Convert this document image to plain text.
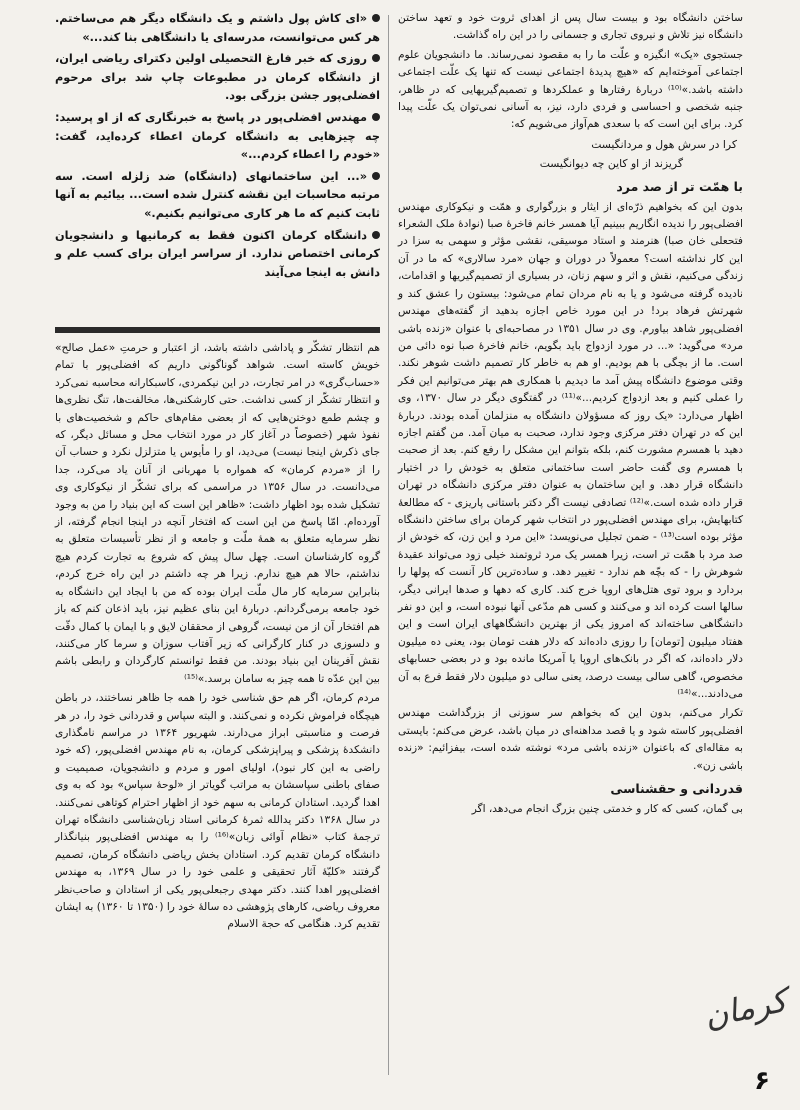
ساختن دانشگاه بود و بیست سال پس از اهدای ثروت خود و تعهد ساختن دانشگاه نیز تلاش و نیروی تجاری و جسمانی را در این راه گذاشت.

جستجوی «یک» انگیزه و علّت ما را به مقصود نمی‌رساند. ما دانشجویان علوم اجتماعی آموخته‌ایم که «هیچ پدیدهٔ اجتماعی نیست که تنها یک علّت اجتماعی داشته باشد.»⁽¹⁰⁾ دربارهٔ رفتارها و عملکردها و تصمیم‌گیریهایی که در ظاهر، جنبه شخصی و احساسی و فردی دارد، نیز، به آسانی نمی‌توان یک علّت پیدا کرد. برای این است که با سعدی هم‌آواز می‌شویم که:

کرا در سرش هول و مردانگیست

گریزند از او کاین چه دیوانگیست

با همّت تر از صد مرد

بدون این که بخواهیم ذرّه‌ای از ایثار و بزرگواری و همّت و نیکوکاری مهندس افضلی‌پور را ندیده انگاریم ببینیم آیا همسر خانم فاخرهٔ صبا (نوادهٔ ملک الشعراء فتحعلی خان صبا) هنرمند و استاد موسیقی، نقشی مؤثر و سهمی به سزا در این کار نداشته است؟ معمولاً در دوران و جهان «مرد سالاری» که ما در آن زندگی می‌کنیم، نقش و اثر و سهم زنان، در بسیاری از تصمیم‌گیریها و اقدامات، نادیده گرفته می‌شود و یا به نام مردان تمام می‌شود: بیستون را عشق کند و شهرتش فرهاد برد! در این مورد خاص اجازه بدهید از گفته‌های مهندس افضلی‌پور شاهد بیاورم. وی در سال ۱۳۵۱ در مصاحبه‌ای با عنوان «زنده باشی مرد» می‌گوید: «... در مورد ازدواج باید بگویم، خانم فاخرهٔ صبا نوه دائی من است. ما از بچگی با هم بودیم. او هم به خاطر کار تصمیم داشت شوهر نکند. وقتی موضوع دانشگاه پیش آمد ما دیدیم با همکاری هم بهتر می‌توانیم این فکر را عملی کنیم و بعد ازدواج کردیم...»⁽¹¹⁾ در گفتگوی دیگر در سال ۱۳۷۰، وی اظهار می‌دارد: «یک روز که مسؤولان دانشگاه به منزلمان آمده بودند. دربارهٔ این که در تهران دفتر مرکزی وجود ندارد، صحبت به میان آمد. من گفتم اجازه دهید با همسرم مشورت کنم، بلکه بتوانم این مشکل را رفع کنم. بعد از صحبت با همسرم وی گفت حاضر است ساختمانی متعلق به خودش را در اختیار دانشگاه قرار دهد. و این ساختمان به عنوان دفتر مرکزی دانشگاه در تهران قرار داده شده است.»⁽¹²⁾ تصادفی نیست اگر دکتر باستانی پاریزی - که مطالعهٔ کتابهایش، برای مهندس افضلی‌پور در انتخاب شهر کرمان برای ساختن دانشگاه مؤثر بوده است⁽¹³⁾ - ضمن تجلیل می‌نویسد: «این مرد و این زن، که خودش از صد مرد با همّت تر است، زیرا همسر یک مرد ثروتمند خیلی زود می‌تواند عقیدهٔ شوهرش را - که بچّه هم ندارد - تغییر دهد. و ساده‌ترین کار آنست که پولها را بردارد و برود توی هتل‌های اروپا خرج کند. کاری که دهها و صدها ایرانی دیگر، سالها است کرده اند و می‌کنند و کسی هم مدّعی آنها نبوده است، و این دو نفر دانشگاهی ساخته‌اند که امروز یکی از بهترین دانشگاههای ایران است و این هفتاد میلیون [تومان] را روزی داده‌اند که دلار هفت تومان بود، یعنی ده میلیون دلار داده‌اند، که اگر در بانک‌های اروپا یا آمریکا مانده بود و در بعضی حسابهای مخصوص، گاهی سالی بیست درصد، یعنی سالی دو میلیون دلار فقط فرع به آن می‌دادند...»⁽¹⁴⁾

تکرار می‌کنم، بدون این که بخواهم سر سوزنی از بزرگداشت مهندس افضلی‌پور کاسته شود و یا قصد مداهنه‌ای در میان باشد، عرض می‌کنم: بایستی به مقاله‌ای که باعنوان «زنده باشی مرد» نوشته شده است، بیفزائیم: «زنده باشی زن».

قدردانی و حقشناسی

بی گمان، کسی که کار و خدمتی چنین بزرگ انجام می‌دهد، اگر

«ای کاش پول داشتم و یک دانشگاه دیگر هم می‌ساختم. هر کس می‌توانست، مدرسه‌ای یا دانشگاهی بنا کند...»

روزی که خبر فارغ التحصیلی اولین دکترای ریاضی ایران، از دانشگاه کرمان در مطبوعات چاپ شد برای مرحوم افضلی‌پور جشن بزرگی بود.

مهندس افضلی‌پور در پاسخ به خبرنگاری که از او پرسید: چه چیزهایی به دانشگاه کرمان اعطاء کرده‌اید، گفت: «خودم را اعطاء کردم...»

«... این ساختمانهای (دانشگاه) ضد زلزله است. سه مرتبه محاسبات این نقشه کنترل شده است... بیائیم به آنها ثابت کنیم که ما هر کاری می‌توانیم بکنیم.»

دانشگاه کرمان اکنون فقط به کرمانیها و دانشجویان کرمانی اختصاص ندارد. از سراسر ایران برای کسب علم و دانش به اینجا می‌آیند

هم انتظار تشکّر و پاداشی داشته باشد، از اعتبار و حرمتِ «عمل صالح» خویش کاسته است. شواهد گوناگونی داریم که افضلی‌پور با تمام «حساب‌گری» در امر تجارت، در این نیکمردی، کاسبکارانه محاسبه نمی‌کرد و انتظار تشکّر از کسی نداشت. حتی کارشکنی‌ها، مخالفت‌ها، تنگ نظری‌ها و چشم طمع دوختن‌هایی که از بعضی مقام‌های حاکم و شخصیت‌های با نفوذ شهر (خصوصاً در آغاز کار در مورد انتخاب محل و مسائل دیگر، که جای ذکرش اینجا نیست) می‌دید، او را مأیوس یا متزلزل نکرد و حساب آن را از «مردم کرمان» که همواره با مهربانی از آنان یاد می‌کرد، جدا می‌دانست. در سال ۱۳۵۶ در مراسمی که برای تشکّر از نیکوکاری وی تشکیل شده بود اظهار داشت: «ظاهر این است که این بنیاد را من به وجود آورده‌ام. امّا پاسخ من این است که افتخار آنچه در اینجا انجام گرفته، از نظر سرمایه متعلق به همهٔ ملّت و جامعه و از نظر تأسیسات متعلق به گروه کارشناسان است. چهل سال پیش که شروع به تجارت کردم هیچ نداشتم، حالا هم هیچ ندارم. زیرا هر چه داشتم در این راه خرج کردم، بنابراین سرمایه کار مال ملّت ایران بوده که من با ایجاد این دانشگاه به خود جامعه برمی‌گردانم. دربارهٔ این بنای عظیم نیز، باید اذعان کنم که باز هم افتخار آن از من نیست، گروهی از محققان لایق و با ایمان با کمال دقّت و دلسوزی در کنار کارگرانی که زیر آفتاب سوزان و سرما کار می‌کنند، نقش آفرینان این بنیاد بودند. من فقط توانستم کارگردان و رابطی باشم بین این عدّه تا همه چیز به سامان برسد.»⁽¹⁵⁾

مردم کرمان، اگر هم حق شناسی خود را همه جا ظاهر نساختند، در باطن هیچگاه فراموش نکرده و نمی‌کنند. و البته سپاس و قدردانی خود را، در هر فرصت و مناسبتی ابراز می‌دارند. شهریور ۱۳۶۴ در مراسم نامگذاری دانشکدهٔ پزشکی و پیراپزشکی کرمان، به نام مهندس افضلی‌پور، (که خود راضی به این کار نبود)، اولیای امور و مردم و دانشجویان، صمیمیت و صفای باطنی سپاسشان به مراتب گویاتر از «لوحهٔ سپاس» بود که به وی اهدا گردید. استادان کرمانی به سهم خود از اظهار احترام کوتاهی نمی‌کنند. در سال ۱۳۶۸ دکتر یدالله ثمرهٔ کرمانی استاد زبان‌شناسی دانشگاه تهران ترجمهٔ کتاب «نظام آوائی زبان»⁽¹⁶⁾ را به مهندس افضلی‌پور بنیانگذار دانشگاه کرمان تقدیم کرد. استادان بخش ریاضی دانشگاه کرمان، تصمیم گرفتند «کلیّهٔ آثار تحقیقی و علمی خود را در سال ۱۳۶۹، به مهندس افضلی‌پور اهدا کنند. دکتر مهدی رجبعلی‌پور یکی از استادان و صاحب‌نظر معروف ریاضی، کارهای پژوهشی ده سالهٔ خود را (۱۳۵۰ تا ۱۳۶۰) به ایشان تقدیم کرد. هنگامی که حجة الاسلام

کرمان
۶
